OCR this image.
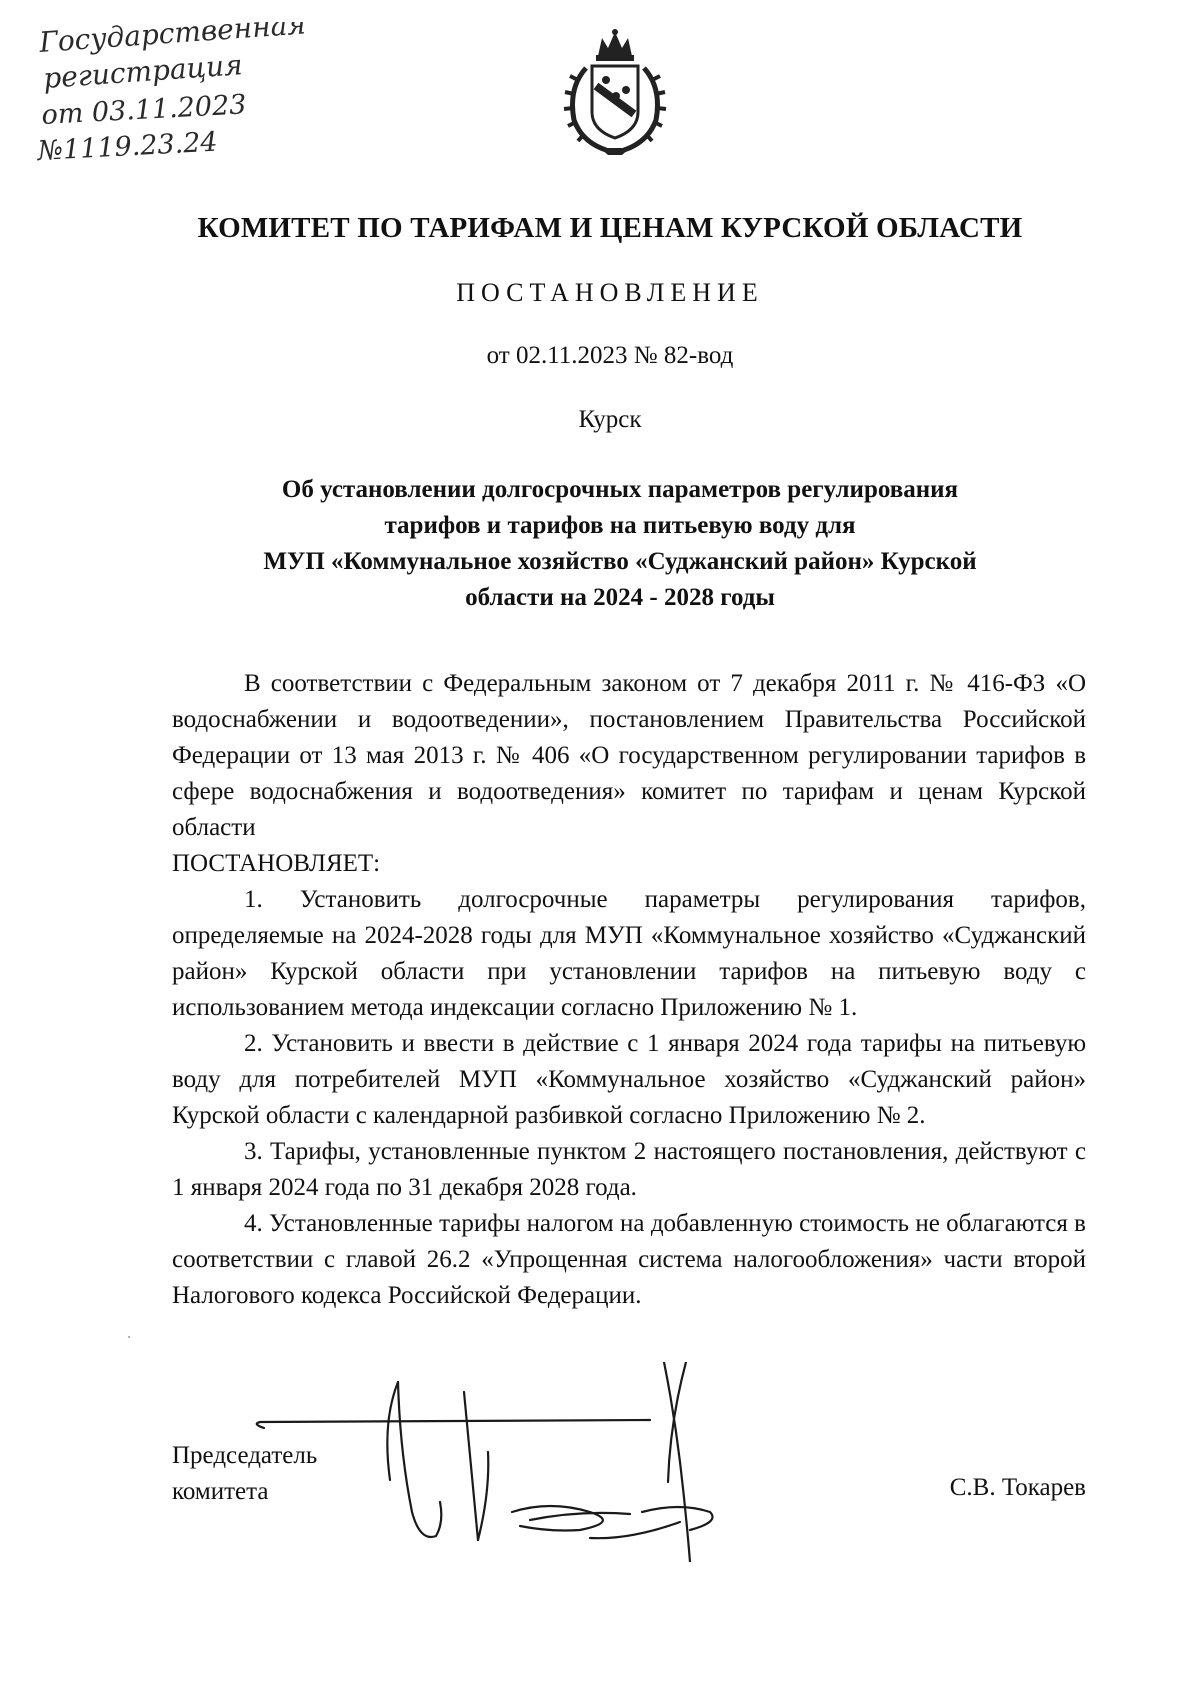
Государственная
регистрация
от 03.11.2023
№1119.23.24
КОМИТЕТ ПО ТАРИФАМ И ЦЕНАМ КУРСКОЙ ОБЛАСТИ
ПОСТАНОВЛЕНИЕ
от 02.11.2023 № 82-вод
Курск
Об установлении долгосрочных параметров регулирования
тарифов и тарифов на питьевую воду для
МУП «Коммунальное хозяйство «Суджанский район» Курской
области на 2024 - 2028 годы

В соответствии с Федеральным законом от 7 декабря 2011 г. № 416-ФЗ «О водоснабжении и водоотведении», постановлением Правительства Российской Федерации от 13 мая 2013 г. № 406 «О государственном регулировании тарифов в сфере водоснабжения и водоотведения» комитет по тарифам и ценам Курской области

ПОСТАНОВЛЯЕТ:

1. Установить долгосрочные параметры регулирования тарифов, определяемые на 2024-2028 годы для МУП «Коммунальное хозяйство «Суджанский район» Курской области при установлении тарифов на питьевую воду с использованием метода индексации согласно Приложению № 1.

2. Установить и ввести в действие с 1 января 2024 года тарифы на питьевую воду для потребителей МУП «Коммунальное хозяйство «Суджанский район» Курской области с календарной разбивкой согласно Приложению № 2.

3. Тарифы, установленные пунктом 2 настоящего постановления, действуют с 1 января 2024 года по 31 декабря 2028 года.

4. Установленные тарифы налогом на добавленную стоимость не облагаются в соответствии с главой 26.2 «Упрощенная система налогообложения» части второй Налогового кодекса Российской Федерации.

Председатель
комитета	С.В. Токарев
